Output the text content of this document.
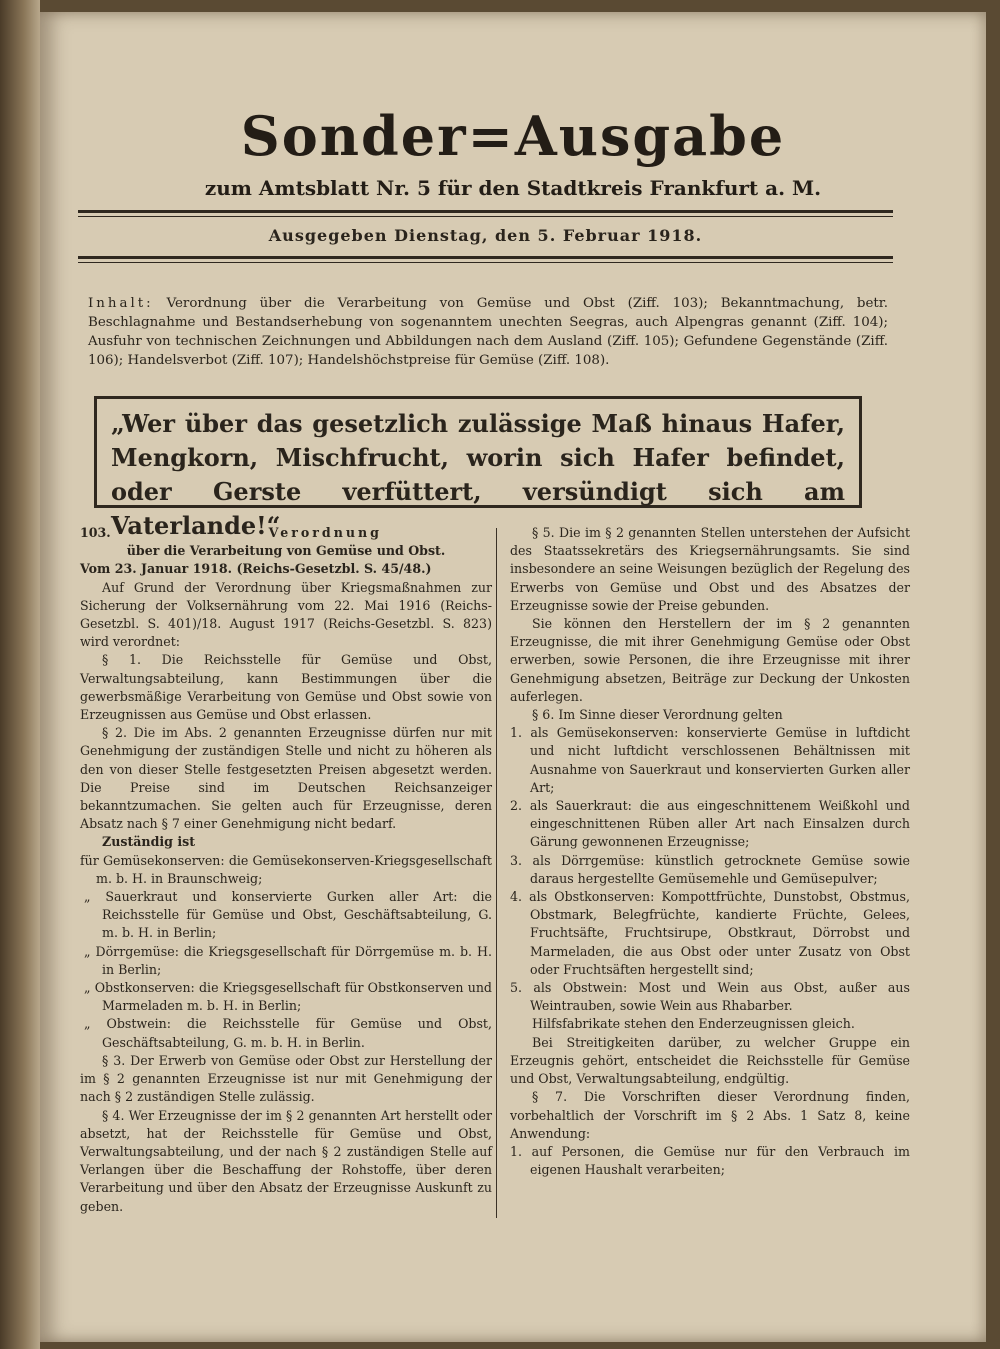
Sonder=Ausgabe
zum Amtsblatt Nr. 5 für den Stadtkreis Frankfurt a. M.
Ausgegeben Dienstag, den 5. Februar 1918.
Inhalt: Verordnung über die Verarbeitung von Gemüse und Obst (Ziff. 103); Bekanntmachung, betr. Beschlagnahme und Bestandserhebung von sogenanntem unechten Seegras, auch Alpengras genannt (Ziff. 104); Ausfuhr von technischen Zeichnungen und Abbildungen nach dem Ausland (Ziff. 105); Gefundene Gegenstände (Ziff. 106); Handelsverbot (Ziff. 107); Handelshöchstpreise für Gemüse (Ziff. 108).
„Wer über das gesetzlich zulässige Maß hinaus Hafer, Mengkorn, Mischfrucht, worin sich Hafer befindet, oder Gerste verfüttert, versündigt sich am Vaterlande!“
103.	Verordnung

über die Verarbeitung von Gemüse und Obst.

Vom 23. Januar 1918. (Reichs-Gesetzbl. S. 45/48.)

Auf Grund der Verordnung über Kriegsmaßnahmen zur Sicherung der Volksernährung vom 22. Mai 1916 (Reichs-Gesetzbl. S. 401)/18. August 1917 (Reichs-Gesetzbl. S. 823) wird verordnet:

§ 1. Die Reichsstelle für Gemüse und Obst, Verwaltungsabteilung, kann Bestimmungen über die gewerbsmäßige Verarbeitung von Gemüse und Obst sowie von Erzeugnissen aus Gemüse und Obst erlassen.

§ 2. Die im Abs. 2 genannten Erzeugnisse dürfen nur mit Genehmigung der zuständigen Stelle und nicht zu höheren als den von dieser Stelle festgesetzten Preisen abgesetzt werden. Die Preise sind im Deutschen Reichsanzeiger bekanntzumachen. Sie gelten auch für Erzeugnisse, deren Absatz nach § 7 einer Genehmigung nicht bedarf.

Zuständig ist

für Gemüsekonserven: die Gemüsekonserven-Kriegsgesellschaft m. b. H. in Braunschweig;

„ Sauerkraut und konservierte Gurken aller Art: die Reichsstelle für Gemüse und Obst, Geschäftsabteilung, G. m. b. H. in Berlin;

„ Dörrgemüse: die Kriegsgesellschaft für Dörrgemüse m. b. H. in Berlin;

„ Obstkonserven: die Kriegsgesellschaft für Obstkonserven und Marmeladen m. b. H. in Berlin;

„ Obstwein: die Reichsstelle für Gemüse und Obst, Geschäftsabteilung, G. m. b. H. in Berlin.

§ 3. Der Erwerb von Gemüse oder Obst zur Herstellung der im § 2 genannten Erzeugnisse ist nur mit Genehmigung der nach § 2 zuständigen Stelle zulässig.

§ 4. Wer Erzeugnisse der im § 2 genannten Art herstellt oder absetzt, hat der Reichsstelle für Gemüse und Obst, Verwaltungsabteilung, und der nach § 2 zuständigen Stelle auf Verlangen über die Beschaffung der Rohstoffe, über deren Verarbeitung und über den Absatz der Erzeugnisse Auskunft zu geben.

§ 5. Die im § 2 genannten Stellen unterstehen der Aufsicht des Staatssekretärs des Kriegsernährungsamts. Sie sind insbesondere an seine Weisungen bezüglich der Regelung des Erwerbs von Gemüse und Obst und des Absatzes der Erzeugnisse sowie der Preise gebunden.

Sie können den Herstellern der im § 2 genannten Erzeugnisse, die mit ihrer Genehmigung Gemüse oder Obst erwerben, sowie Personen, die ihre Erzeugnisse mit ihrer Genehmigung absetzen, Beiträge zur Deckung der Unkosten auferlegen.

§ 6. Im Sinne dieser Verordnung gelten

1. als Gemüsekonserven: konservierte Gemüse in luftdicht und nicht luftdicht verschlossenen Behältnissen mit Ausnahme von Sauerkraut und konservierten Gurken aller Art;

2. als Sauerkraut: die aus eingeschnittenem Weißkohl und eingeschnittenen Rüben aller Art nach Einsalzen durch Gärung gewonnenen Erzeugnisse;

3. als Dörrgemüse: künstlich getrocknete Gemüse sowie daraus hergestellte Gemüsemehle und Gemüsepulver;

4. als Obstkonserven: Kompottfrüchte, Dunstobst, Obstmus, Obstmark, Belegfrüchte, kandierte Früchte, Gelees, Fruchtsäfte, Fruchtsirupe, Obstkraut, Dörrobst und Marmeladen, die aus Obst oder unter Zusatz von Obst oder Fruchtsäften hergestellt sind;

5. als Obstwein: Most und Wein aus Obst, außer aus Weintrauben, sowie Wein aus Rhabarber.

Hilfsfabrikate stehen den Enderzeugnissen gleich.

Bei Streitigkeiten darüber, zu welcher Gruppe ein Erzeugnis gehört, entscheidet die Reichsstelle für Gemüse und Obst, Verwaltungsabteilung, endgültig.

§ 7. Die Vorschriften dieser Verordnung finden, vorbehaltlich der Vorschrift im § 2 Abs. 1 Satz 8, keine Anwendung:

1. auf Personen, die Gemüse nur für den Verbrauch im eigenen Haushalt verarbeiten;
